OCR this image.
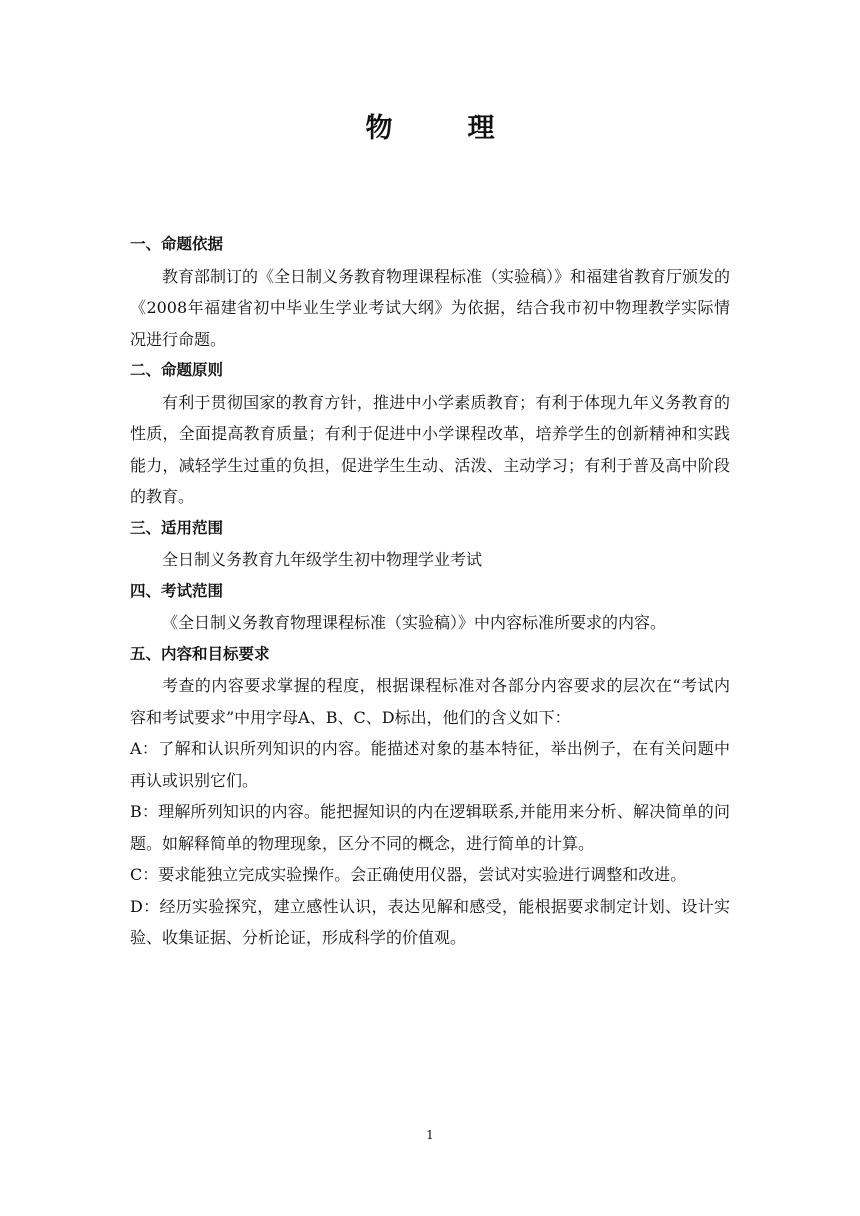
物　理

一、命题依据

教育部制订的《全日制义务教育物理课程标准（实验稿）》和福建省教育厅颁发的《2008年福建省初中毕业生学业考试大纲》为依据，结合我市初中物理教学实际情况进行命题。

二、命题原则

有利于贯彻国家的教育方针，推进中小学素质教育；有利于体现九年义务教育的性质，全面提高教育质量；有利于促进中小学课程改革，培养学生的创新精神和实践能力，减轻学生过重的负担，促进学生生动、活泼、主动学习；有利于普及高中阶段的教育。

三、适用范围

全日制义务教育九年级学生初中物理学业考试

四、考试范围

《全日制义务教育物理课程标准（实验稿）》中内容标准所要求的内容。

五、内容和目标要求

考查的内容要求掌握的程度，根据课程标准对各部分内容要求的层次在“考试内容和考试要求”中用字母A、B、C、D标出，他们的含义如下：

A：了解和认识所列知识的内容。能描述对象的基本特征，举出例子，在有关问题中再认或识别它们。

B：理解所列知识的内容。能把握知识的内在逻辑联系,并能用来分析、解决简单的问题。如解释简单的物理现象，区分不同的概念，进行简单的计算。

C：要求能独立完成实验操作。会正确使用仪器，尝试对实验进行调整和改进。

D：经历实验探究，建立感性认识，表达见解和感受，能根据要求制定计划、设计实验、收集证据、分析论证，形成科学的价值观。

1
